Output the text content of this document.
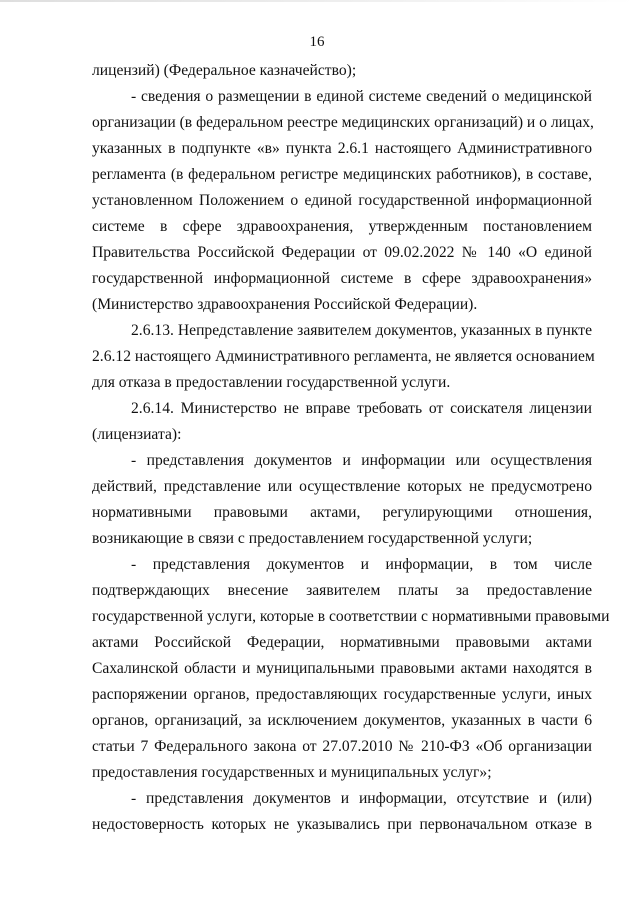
16
лицензий) (Федеральное казначейство);
- сведения о размещении в единой системе сведений о медицинской
организации (в федеральном реестре медицинских организаций) и о лицах,
указанных в подпункте «в» пункта 2.6.1 настоящего Административного
регламента (в федеральном регистре медицинских работников), в составе,
установленном Положением о единой государственной информационной
системе в сфере здравоохранения, утвержденным постановлением
Правительства Российской Федерации от 09.02.2022 № 140 «О единой
государственной информационной системе в сфере здравоохранения»
(Министерство здравоохранения Российской Федерации).
2.6.13. Непредставление заявителем документов, указанных в пункте
2.6.12 настоящего Административного регламента, не является основанием
для отказа в предоставлении государственной услуги.
2.6.14. Министерство не вправе требовать от соискателя лицензии
(лицензиата):
- представления документов и информации или осуществления
действий, представление или осуществление которых не предусмотрено
нормативными правовыми актами, регулирующими отношения,
возникающие в связи с предоставлением государственной услуги;
- представления документов и информации, в том числе
подтверждающих внесение заявителем платы за предоставление
государственной услуги, которые в соответствии с нормативными правовыми
актами Российской Федерации, нормативными правовыми актами
Сахалинской области и муниципальными правовыми актами находятся в
распоряжении органов, предоставляющих государственные услуги, иных
органов, организаций, за исключением документов, указанных в части 6
статьи 7 Федерального закона от 27.07.2010 № 210-ФЗ «Об организации
предоставления государственных и муниципальных услуг»;
- представления документов и информации, отсутствие и (или)
недостоверность которых не указывались при первоначальном отказе в
